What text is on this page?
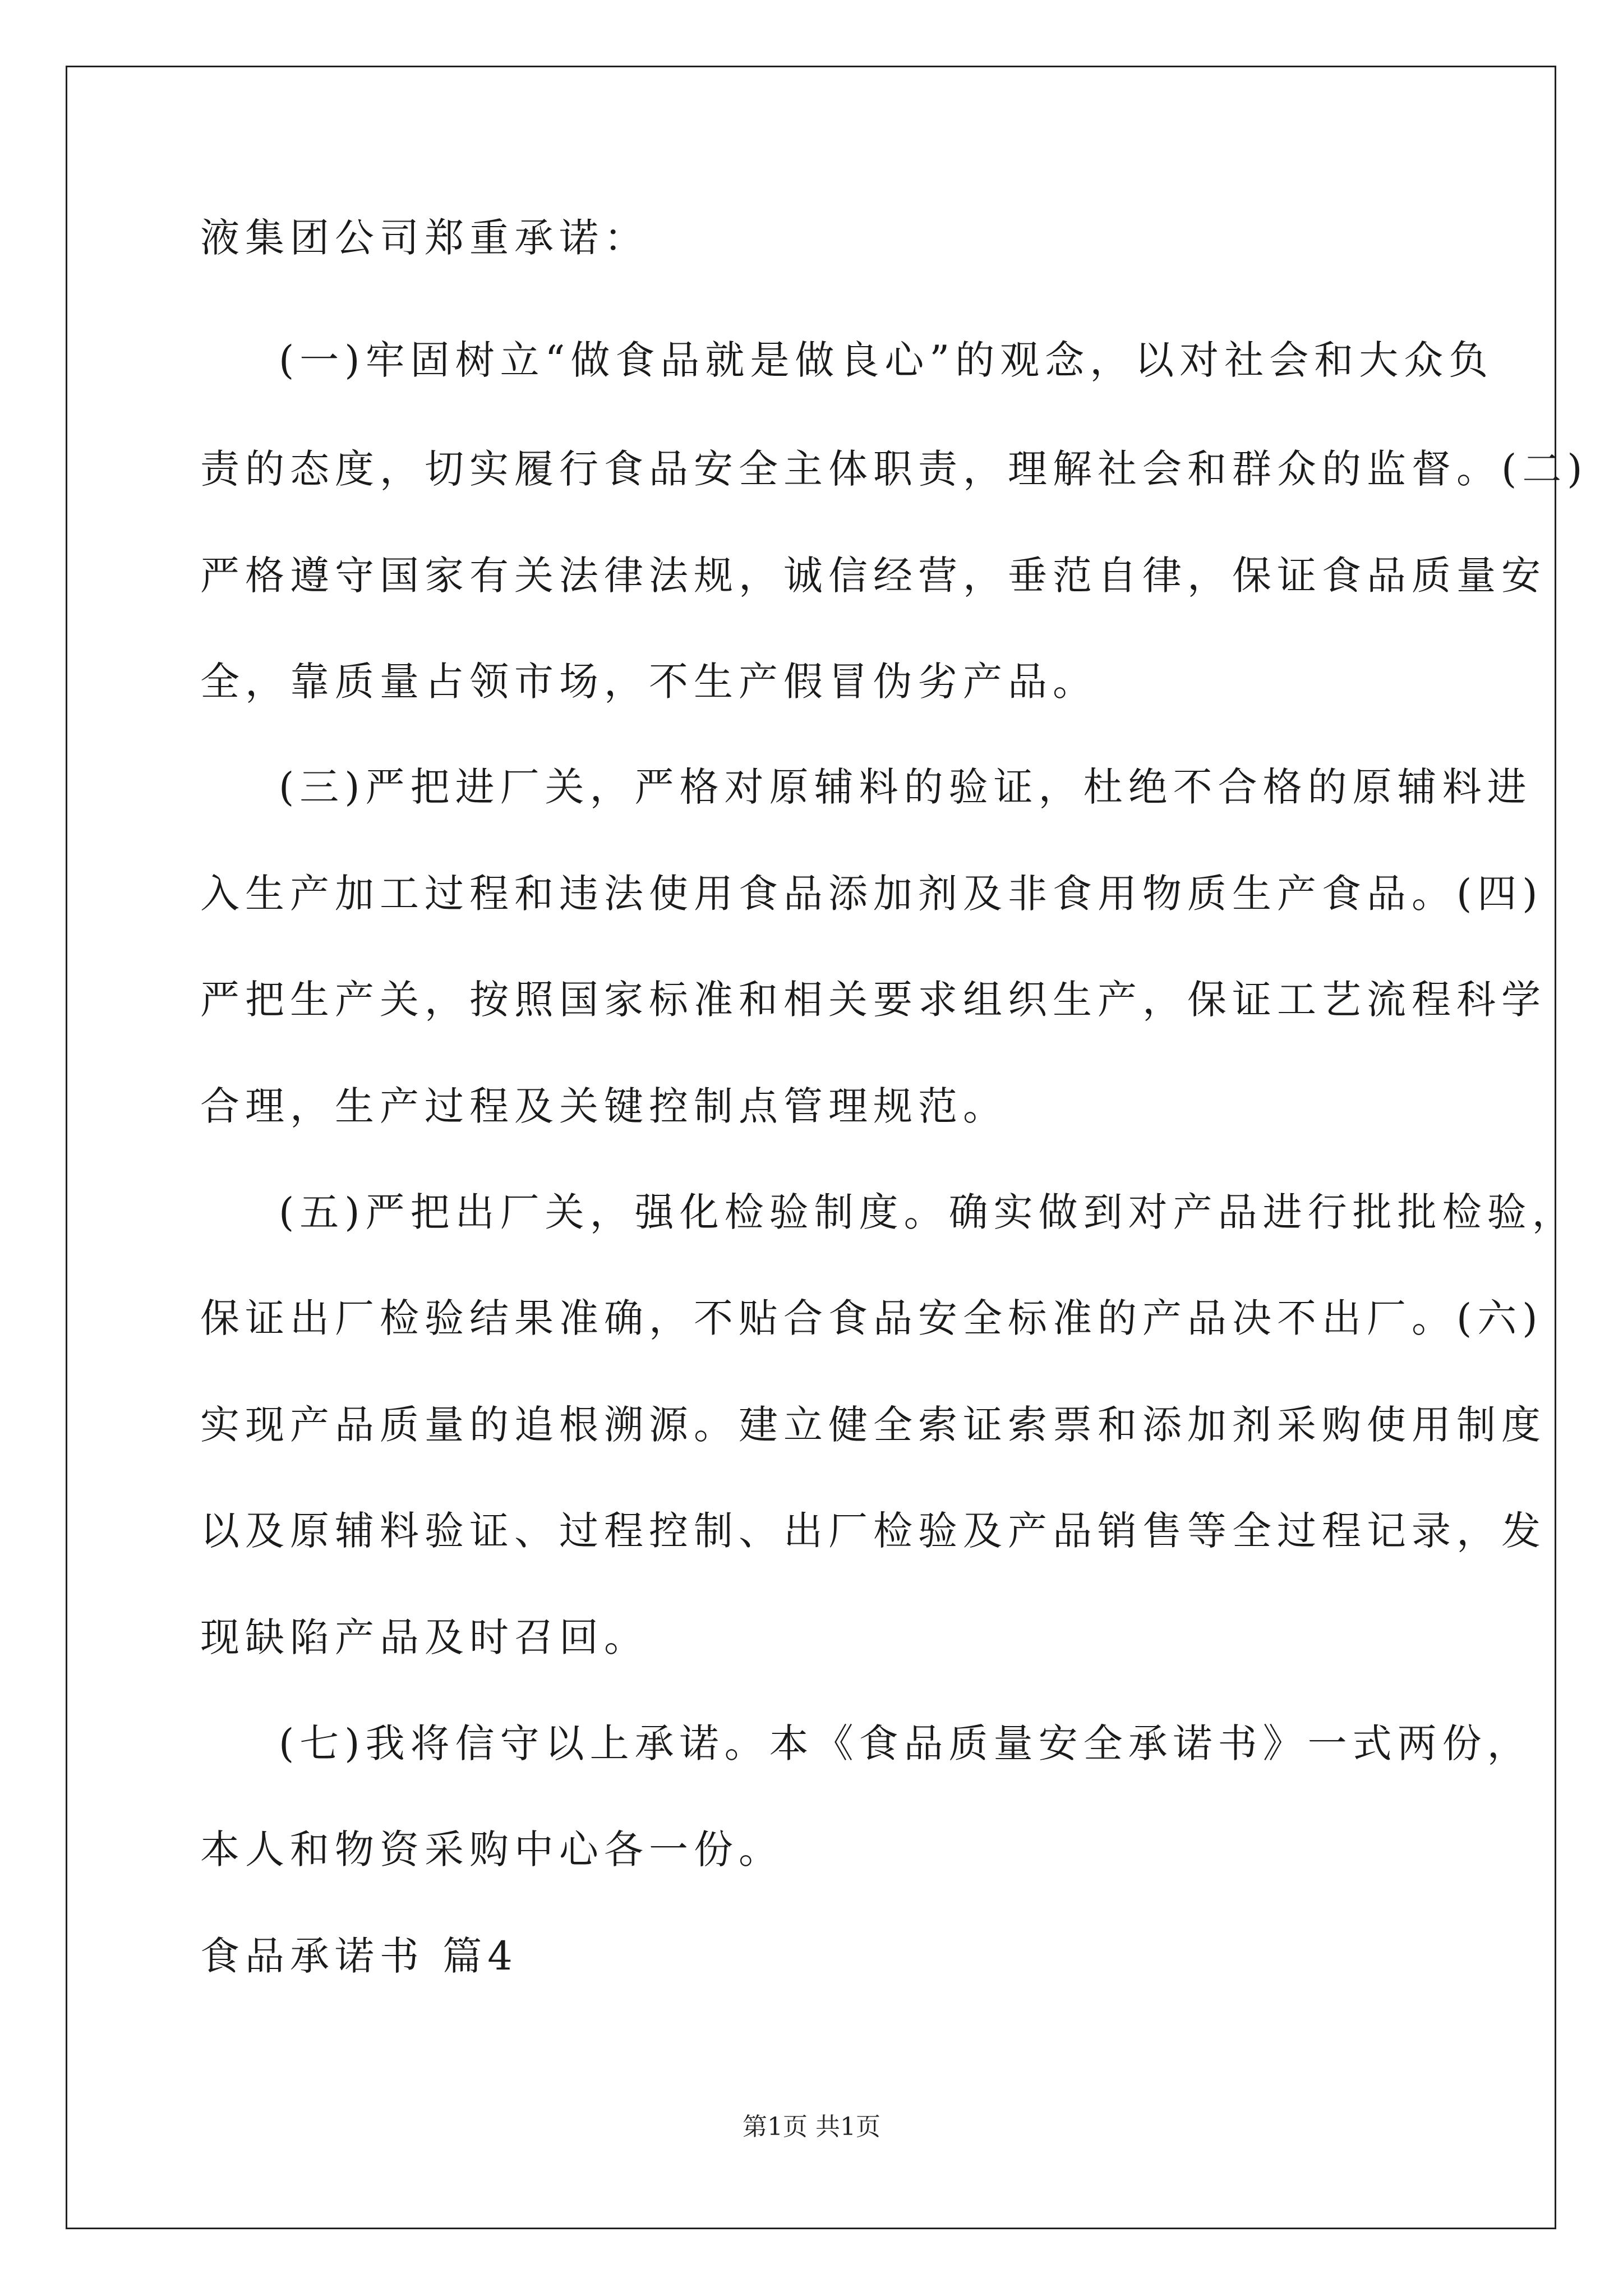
液集团公司郑重承诺：
(一)牢固树立“做食品就是做良心”的观念，以对社会和大众负
责的态度，切实履行食品安全主体职责，理解社会和群众的监督。(二)
严格遵守国家有关法律法规，诚信经营，垂范自律，保证食品质量安
全，靠质量占领市场，不生产假冒伪劣产品。
(三)严把进厂关，严格对原辅料的验证，杜绝不合格的原辅料进
入生产加工过程和违法使用食品添加剂及非食用物质生产食品。(四)
严把生产关，按照国家标准和相关要求组织生产，保证工艺流程科学
合理，生产过程及关键控制点管理规范。
(五)严把出厂关，强化检验制度。确实做到对产品进行批批检验，
保证出厂检验结果准确，不贴合食品安全标准的产品决不出厂。(六)
实现产品质量的追根溯源。建立健全索证索票和添加剂采购使用制度
以及原辅料验证、过程控制、出厂检验及产品销售等全过程记录，发
现缺陷产品及时召回。
(七)我将信守以上承诺。本《食品质量安全承诺书》一式两份，
本人和物资采购中心各一份。
食品承诺书 篇4
第1页 共1页
